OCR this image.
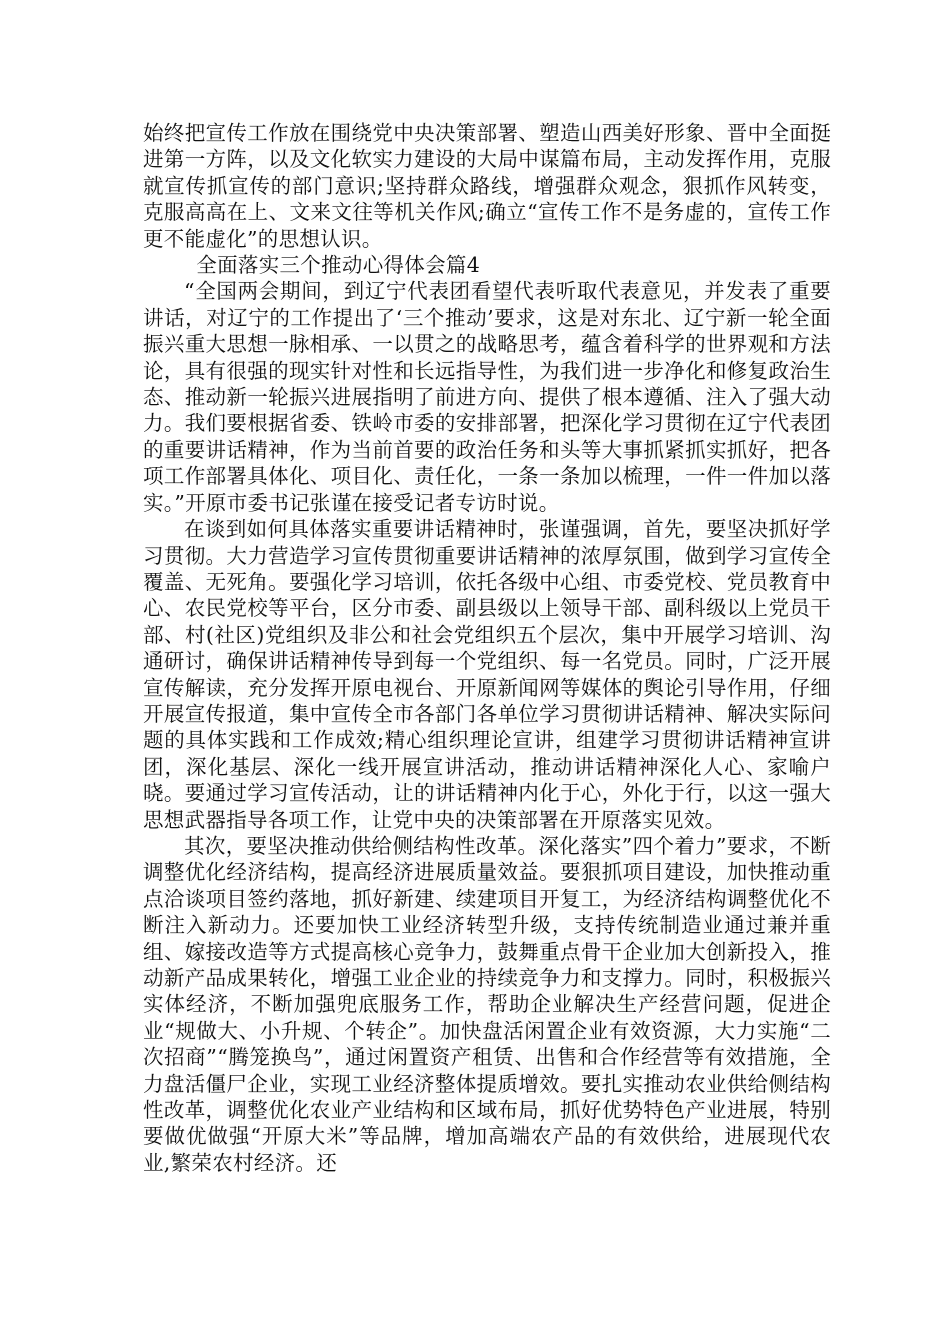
始终把宣传工作放在围绕党中央决策部署、塑造山西美好形象、晋中全面挺进第一方阵，以及文化软实力建设的大局中谋篇布局，主动发挥作用，克服就宣传抓宣传的部门意识;坚持群众路线，增强群众观念，狠抓作风转变，克服高高在上、文来文往等机关作风;确立“宣传工作不是务虚的，宣传工作更不能虚化”的思想认识。

全面落实三个推动心得体会篇4

“全国两会期间，到辽宁代表团看望代表听取代表意见，并发表了重要讲话，对辽宁的工作提出了‘三个推动’要求，这是对东北、辽宁新一轮全面振兴重大思想一脉相承、一以贯之的战略思考，蕴含着科学的世界观和方法论，具有很强的现实针对性和长远指导性，为我们进一步净化和修复政治生态、推动新一轮振兴进展指明了前进方向、提供了根本遵循、注入了强大动力。我们要根据省委、铁岭市委的安排部署，把深化学习贯彻在辽宁代表团的重要讲话精神，作为当前首要的政治任务和头等大事抓紧抓实抓好，把各项工作部署具体化、项目化、责任化，一条一条加以梳理，一件一件加以落实。”开原市委书记张谨在接受记者专访时说。

在谈到如何具体落实重要讲话精神时，张谨强调，首先，要坚决抓好学习贯彻。大力营造学习宣传贯彻重要讲话精神的浓厚氛围，做到学习宣传全覆盖、无死角。要强化学习培训，依托各级中心组、市委党校、党员教育中心、农民党校等平台，区分市委、副县级以上领导干部、副科级以上党员干部、村(社区)党组织及非公和社会党组织五个层次，集中开展学习培训、沟通研讨，确保讲话精神传导到每一个党组织、每一名党员。同时，广泛开展宣传解读，充分发挥开原电视台、开原新闻网等媒体的舆论引导作用，仔细开展宣传报道，集中宣传全市各部门各单位学习贯彻讲话精神、解决实际问题的具体实践和工作成效;精心组织理论宣讲，组建学习贯彻讲话精神宣讲团，深化基层、深化一线开展宣讲活动，推动讲话精神深化人心、家喻户晓。要通过学习宣传活动，让的讲话精神内化于心，外化于行，以这一强大思想武器指导各项工作，让党中央的决策部署在开原落实见效。

其次，要坚决推动供给侧结构性改革。深化落实”四个着力”要求，不断调整优化经济结构，提高经济进展质量效益。要狠抓项目建设，加快推动重点洽谈项目签约落地，抓好新建、续建项目开复工，为经济结构调整优化不断注入新动力。还要加快工业经济转型升级，支持传统制造业通过兼并重组、嫁接改造等方式提高核心竞争力，鼓舞重点骨干企业加大创新投入，推动新产品成果转化，增强工业企业的持续竞争力和支撑力。同时，积极振兴实体经济，不断加强兜底服务工作，帮助企业解决生产经营问题，促进企业“规做大、小升规、个转企”。加快盘活闲置企业有效资源，大力实施“二次招商”“腾笼换鸟”，通过闲置资产租赁、出售和合作经营等有效措施，全力盘活僵尸企业，实现工业经济整体提质增效。要扎实推动农业供给侧结构性改革，调整优化农业产业结构和区域布局，抓好优势特色产业进展，特别要做优做强“开原大米”等品牌，增加高端农产品的有效供给，进展现代农业,繁荣农村经济。还
